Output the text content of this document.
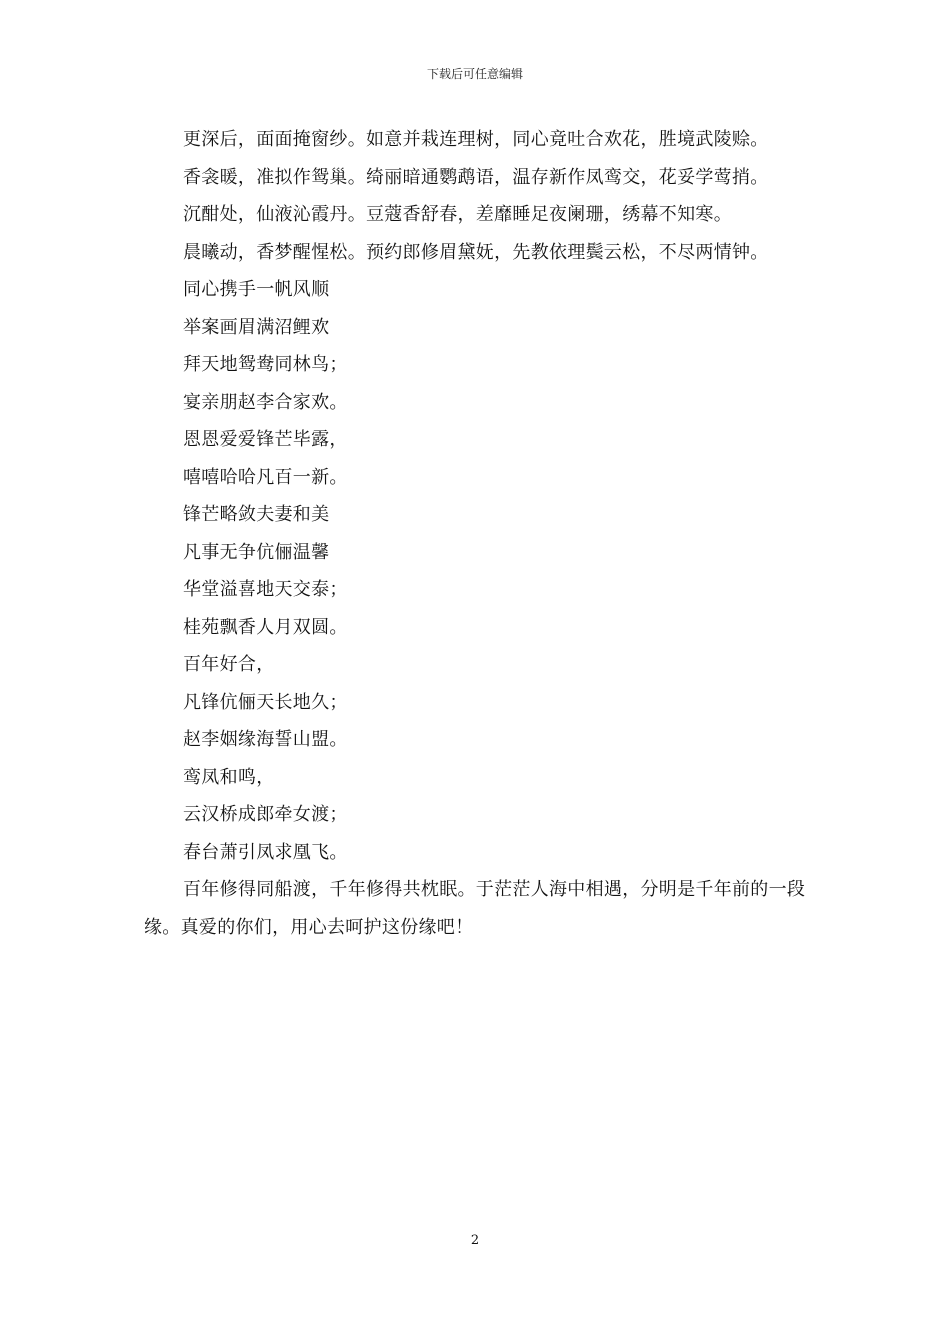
下载后可任意编辑
更深后，面面掩窗纱。如意并栽连理树，同心竟吐合欢花，胜境武陵赊。
香衾暖，准拟作鸳巢。绮丽暗通鹦鹉语，温存新作凤鸾交，花妥学莺捎。
沉酣处，仙液沁霞丹。豆蔻香舒春，差靡睡足夜阑珊，绣幕不知寒。
晨曦动，香梦醒惺松。预约郎修眉黛妩，先教依理鬓云松，不尽两情钟。
同心携手一帆风顺
举案画眉满沼鲤欢
拜天地鸳鸯同林鸟；
宴亲朋赵李合家欢。
恩恩爱爱锋芒毕露，
嘻嘻哈哈凡百一新。
锋芒略敛夫妻和美
凡事无争伉俪温馨
华堂溢喜地天交泰；
桂苑飘香人月双圆。
百年好合，
凡锋伉俪天长地久；
赵李姻缘海誓山盟。
鸾凤和鸣，
云汉桥成郎牵女渡；
春台萧引凤求凰飞。

百年修得同船渡，千年修得共枕眠。于茫茫人海中相遇，分明是千年前的一段缘。真爱的你们，用心去呵护这份缘吧！

2
